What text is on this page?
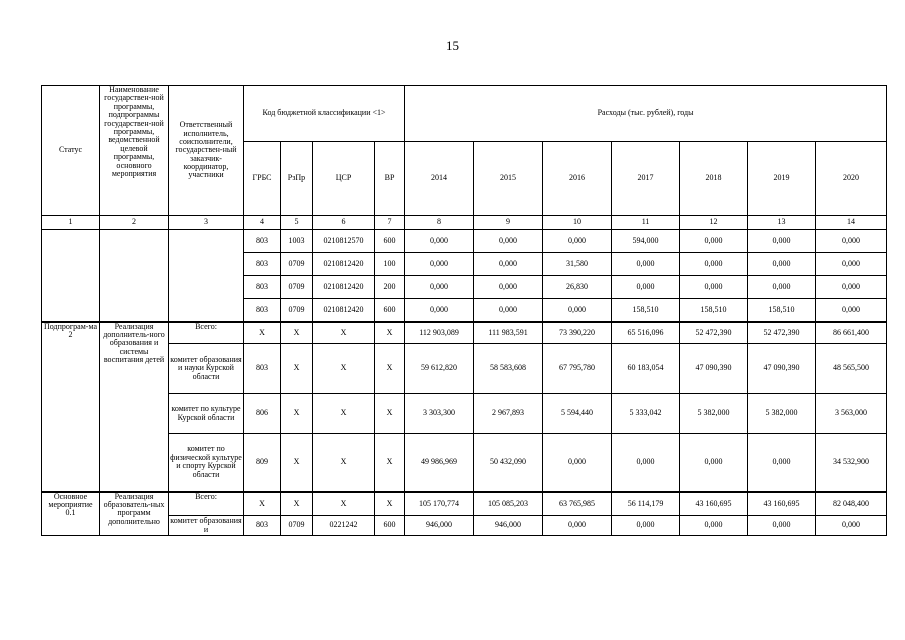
15
Статус	Наименование государствен-ной программы, подпрограммы государствен-ной программы, ведомственной целевой программы, основного мероприятия	Ответственный исполнитель, соисполнители, государствен-ный заказчик-координатор, участники	Код бюджетной классификации <1>				Расходы (тыс. рублей), годы						
			ГРБС	РзПр	ЦСР	ВР	2014	2015	2016	2017	2018	2019	2020
1	2	3	4	5	6	7	8	9	10	11	12	13	14
			803	1003	0210812570	600	0,000	0,000	0,000	594,000	0,000	0,000	0,000
			803	0709	0210812420	100	0,000	0,000	31,580	0,000	0,000	0,000	0,000
			803	0709	0210812420	200	0,000	0,000	26,830	0,000	0,000	0,000	0,000
			803	0709	0210812420	600	0,000	0,000	0,000	158,510	158,510	158,510	0,000
Подпрограм-ма 2	Реализация дополнитель-ного образования и системы воспитания детей	Всего:	Х	Х	Х	Х	112 903,089	111 983,591	73 390,220	65 516,096	52 472,390	52 472,390	86 661,400
		комитет образования и науки Курской области	803	Х	Х	Х	59 612,820	58 583,608	67 795,780	60 183,054	47 090,390	47 090,390	48 565,500
		комитет по культуре Курской области	806	Х	Х	Х	3 303,300	2 967,893	5 594,440	5 333,042	5 382,000	5 382,000	3 563,000
		комитет по физической культуре и спорту Курской области	809	Х	Х	Х	49 986,969	50 432,090	0,000	0,000	0,000	0,000	34 532,900
Основное мероприятие 0.1	Реализация образователь-ных программ дополнительно	Всего:	Х	Х	Х	Х	105 170,774	105 085,203	63 765,985	56 114,179	43 160,695	43 160,695	82 048,400
		комитет образования и	803	0709	0221242	600	946,000	946,000	0,000	0,000	0,000	0,000	0,000
